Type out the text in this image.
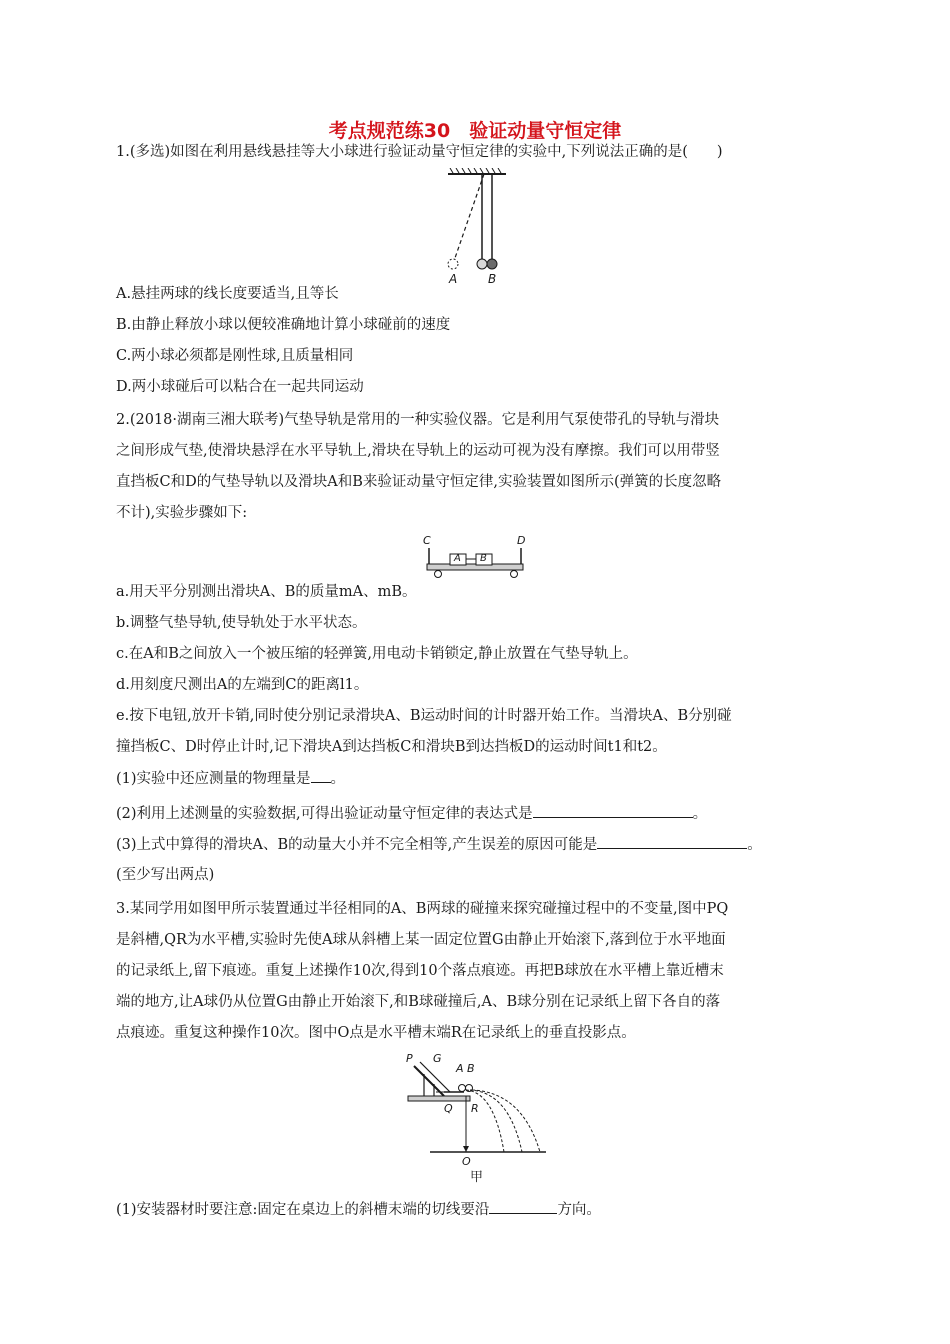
考点规范练30　验证动量守恒定律
1.(多选)如图在利用悬线悬挂等大小球进行验证动量守恒定律的实验中,下列说法正确的是(　　)
A	B
A.悬挂两球的线长度要适当,且等长
B.由静止释放小球以便较准确地计算小球碰前的速度
C.两小球必须都是刚性球,且质量相同
D.两小球碰后可以粘合在一起共同运动
2.(2018·湖南三湘大联考)气垫导轨是常用的一种实验仪器。它是利用气泵使带孔的导轨与滑块
之间形成气垫,使滑块悬浮在水平导轨上,滑块在导轨上的运动可视为没有摩擦。我们可以用带竖
直挡板C和D的气垫导轨以及滑块A和B来验证动量守恒定律,实验装置如图所示(弹簧的长度忽略
不计),实验步骤如下:
C	D
A B
a.用天平分别测出滑块A、B的质量mA、mB。
b.调整气垫导轨,使导轨处于水平状态。
c.在A和B之间放入一个被压缩的轻弹簧,用电动卡销锁定,静止放置在气垫导轨上。
d.用刻度尺测出A的左端到C的距离l1。
e.按下电钮,放开卡销,同时使分别记录滑块A、B运动时间的计时器开始工作。当滑块A、B分别碰
撞挡板C、D时停止计时,记下滑块A到达挡板C和滑块B到达挡板D的运动时间t1和t2。
(1)实验中还应测量的物理量是 。
(2)利用上述测量的实验数据,可得出验证动量守恒定律的表达式是	。
(3)上式中算得的滑块A、B的动量大小并不完全相等,产生误差的原因可能是	。
(至少写出两点)
3.某同学用如图甲所示装置通过半径相同的A、B两球的碰撞来探究碰撞过程中的不变量,图中PQ
是斜槽,QR为水平槽,实验时先使A球从斜槽上某一固定位置G由静止开始滚下,落到位于水平地面
的记录纸上,留下痕迹。重复上述操作10次,得到10个落点痕迹。再把B球放在水平槽上靠近槽末
端的地方,让A球仍从位置G由静止开始滚下,和B球碰撞后,A、B球分别在记录纸上留下各自的落
点痕迹。重复这种操作10次。图中O点是水平槽末端R在记录纸上的垂直投影点。
P G
A B
Q R
O
甲
(1)安装器材时要注意:固定在桌边上的斜槽末端的切线要沿	方向。
